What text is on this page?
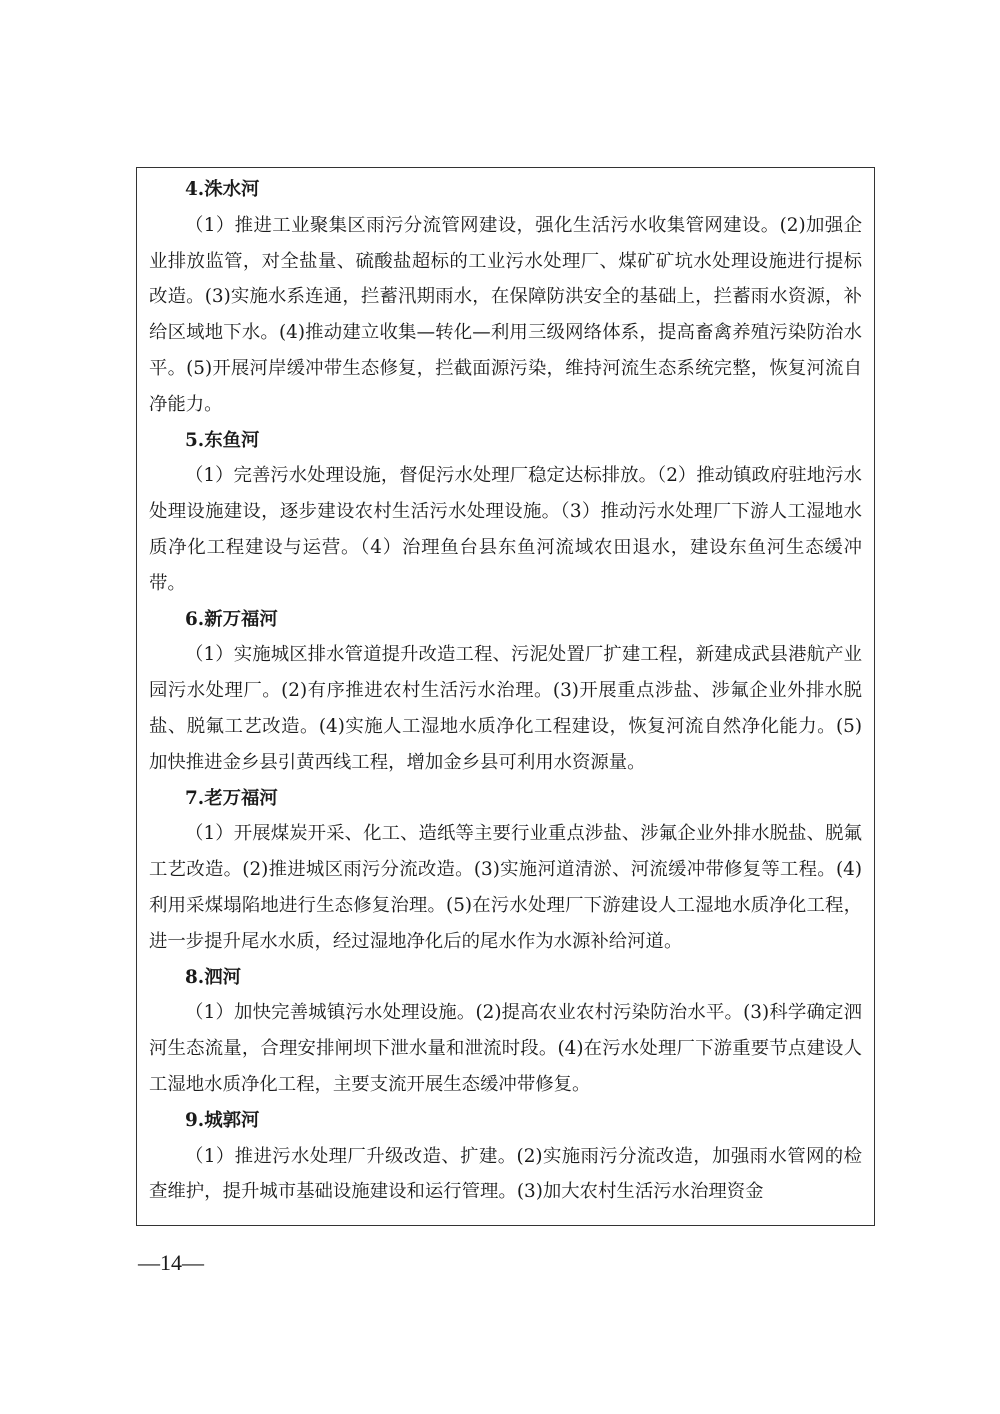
4.洙水河

（1）推进工业聚集区雨污分流管网建设，强化生活污水收集管网建设。(2)加强企业排放监管，对全盐量、硫酸盐超标的工业污水处理厂、煤矿矿坑水处理设施进行提标改造。(3)实施水系连通，拦蓄汛期雨水，在保障防洪安全的基础上，拦蓄雨水资源，补给区域地下水。(4)推动建立收集—转化—利用三级网络体系，提高畜禽养殖污染防治水平。(5)开展河岸缓冲带生态修复，拦截面源污染，维持河流生态系统完整，恢复河流自净能力。

5.东鱼河

（1）完善污水处理设施，督促污水处理厂稳定达标排放。（2）推动镇政府驻地污水处理设施建设，逐步建设农村生活污水处理设施。（3）推动污水处理厂下游人工湿地水质净化工程建设与运营。（4）治理鱼台县东鱼河流域农田退水，建设东鱼河生态缓冲带。

6.新万福河

（1）实施城区排水管道提升改造工程、污泥处置厂扩建工程，新建成武县港航产业园污水处理厂。(2)有序推进农村生活污水治理。(3)开展重点涉盐、涉氟企业外排水脱盐、脱氟工艺改造。(4)实施人工湿地水质净化工程建设，恢复河流自然净化能力。(5)加快推进金乡县引黄西线工程，增加金乡县可利用水资源量。

7.老万福河

（1）开展煤炭开采、化工、造纸等主要行业重点涉盐、涉氟企业外排水脱盐、脱氟工艺改造。(2)推进城区雨污分流改造。(3)实施河道清淤、河流缓冲带修复等工程。(4)利用采煤塌陷地进行生态修复治理。(5)在污水处理厂下游建设人工湿地水质净化工程，进一步提升尾水水质，经过湿地净化后的尾水作为水源补给河道。

8.泗河

（1）加快完善城镇污水处理设施。(2)提高农业农村污染防治水平。(3)科学确定泗河生态流量，合理安排闸坝下泄水量和泄流时段。(4)在污水处理厂下游重要节点建设人工湿地水质净化工程，主要支流开展生态缓冲带修复。

9.城郭河

（1）推进污水处理厂升级改造、扩建。(2)实施雨污分流改造，加强雨水管网的检查维护，提升城市基础设施建设和运行管理。(3)加大农村生活污水治理资金

—14—
